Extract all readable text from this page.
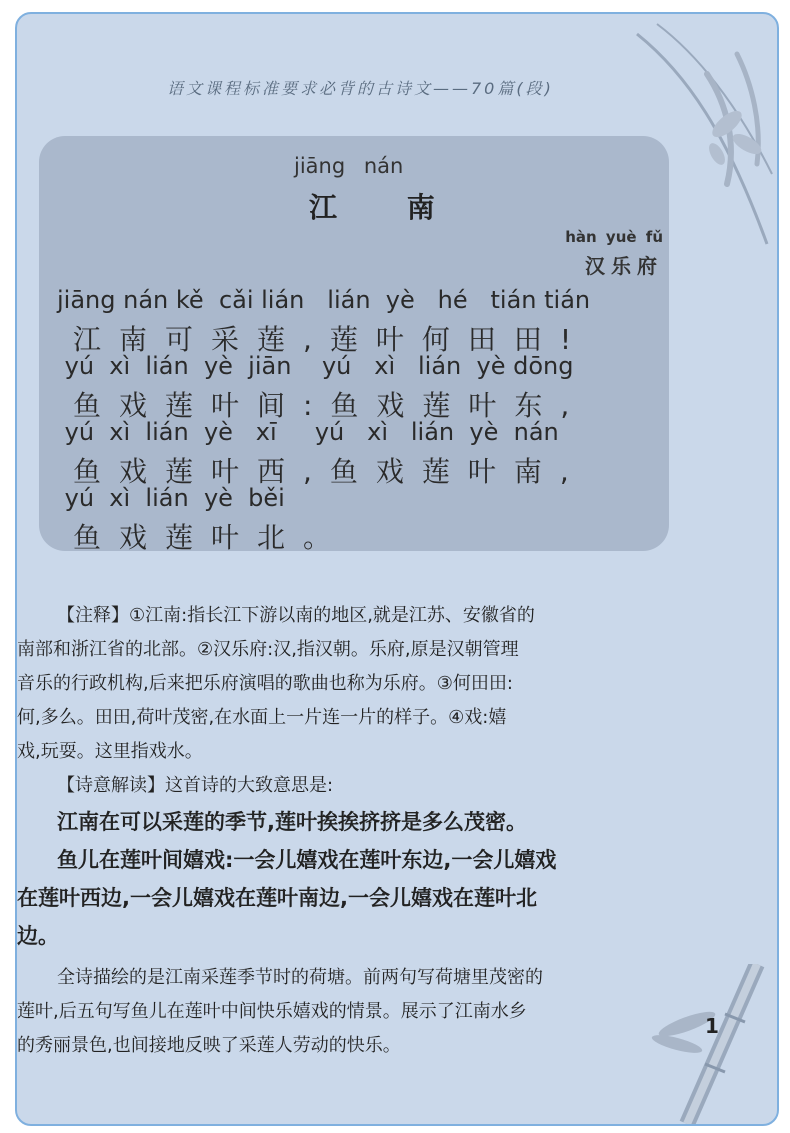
语文课程标准要求必背的古诗文——70篇(段)
jiāng nán
江 南
hàn yuè fǔ
汉乐府
jiāng nán kě  cǎi lián   lián  yè   hé   tián tián
江南可采莲,莲叶何田田!
yú  xì  lián  yè  jiān    yú   xì   lián  yè dōng
鱼戏莲叶间:鱼戏莲叶东,
yú  xì  lián  yè   xī     yú   xì   lián  yè  nán
鱼戏莲叶西,鱼戏莲叶南,
yú  xì  lián  yè  běi
鱼戏莲叶北。

【注释】①江南:指长江下游以南的地区,就是江苏、安徽省的

南部和浙江省的北部。②汉乐府:汉,指汉朝。乐府,原是汉朝管理

音乐的行政机构,后来把乐府演唱的歌曲也称为乐府。③何田田:

何,多么。田田,荷叶茂密,在水面上一片连一片的样子。④戏:嬉

戏,玩耍。这里指戏水。

【诗意解读】这首诗的大致意思是:

江南在可以采莲的季节,莲叶挨挨挤挤是多么茂密。

鱼儿在莲叶间嬉戏:一会儿嬉戏在莲叶东边,一会儿嬉戏

在莲叶西边,一会儿嬉戏在莲叶南边,一会儿嬉戏在莲叶北

边。

全诗描绘的是江南采莲季节时的荷塘。前两句写荷塘里茂密的

莲叶,后五句写鱼儿在莲叶中间快乐嬉戏的情景。展示了江南水乡

的秀丽景色,也间接地反映了采莲人劳动的快乐。

1
